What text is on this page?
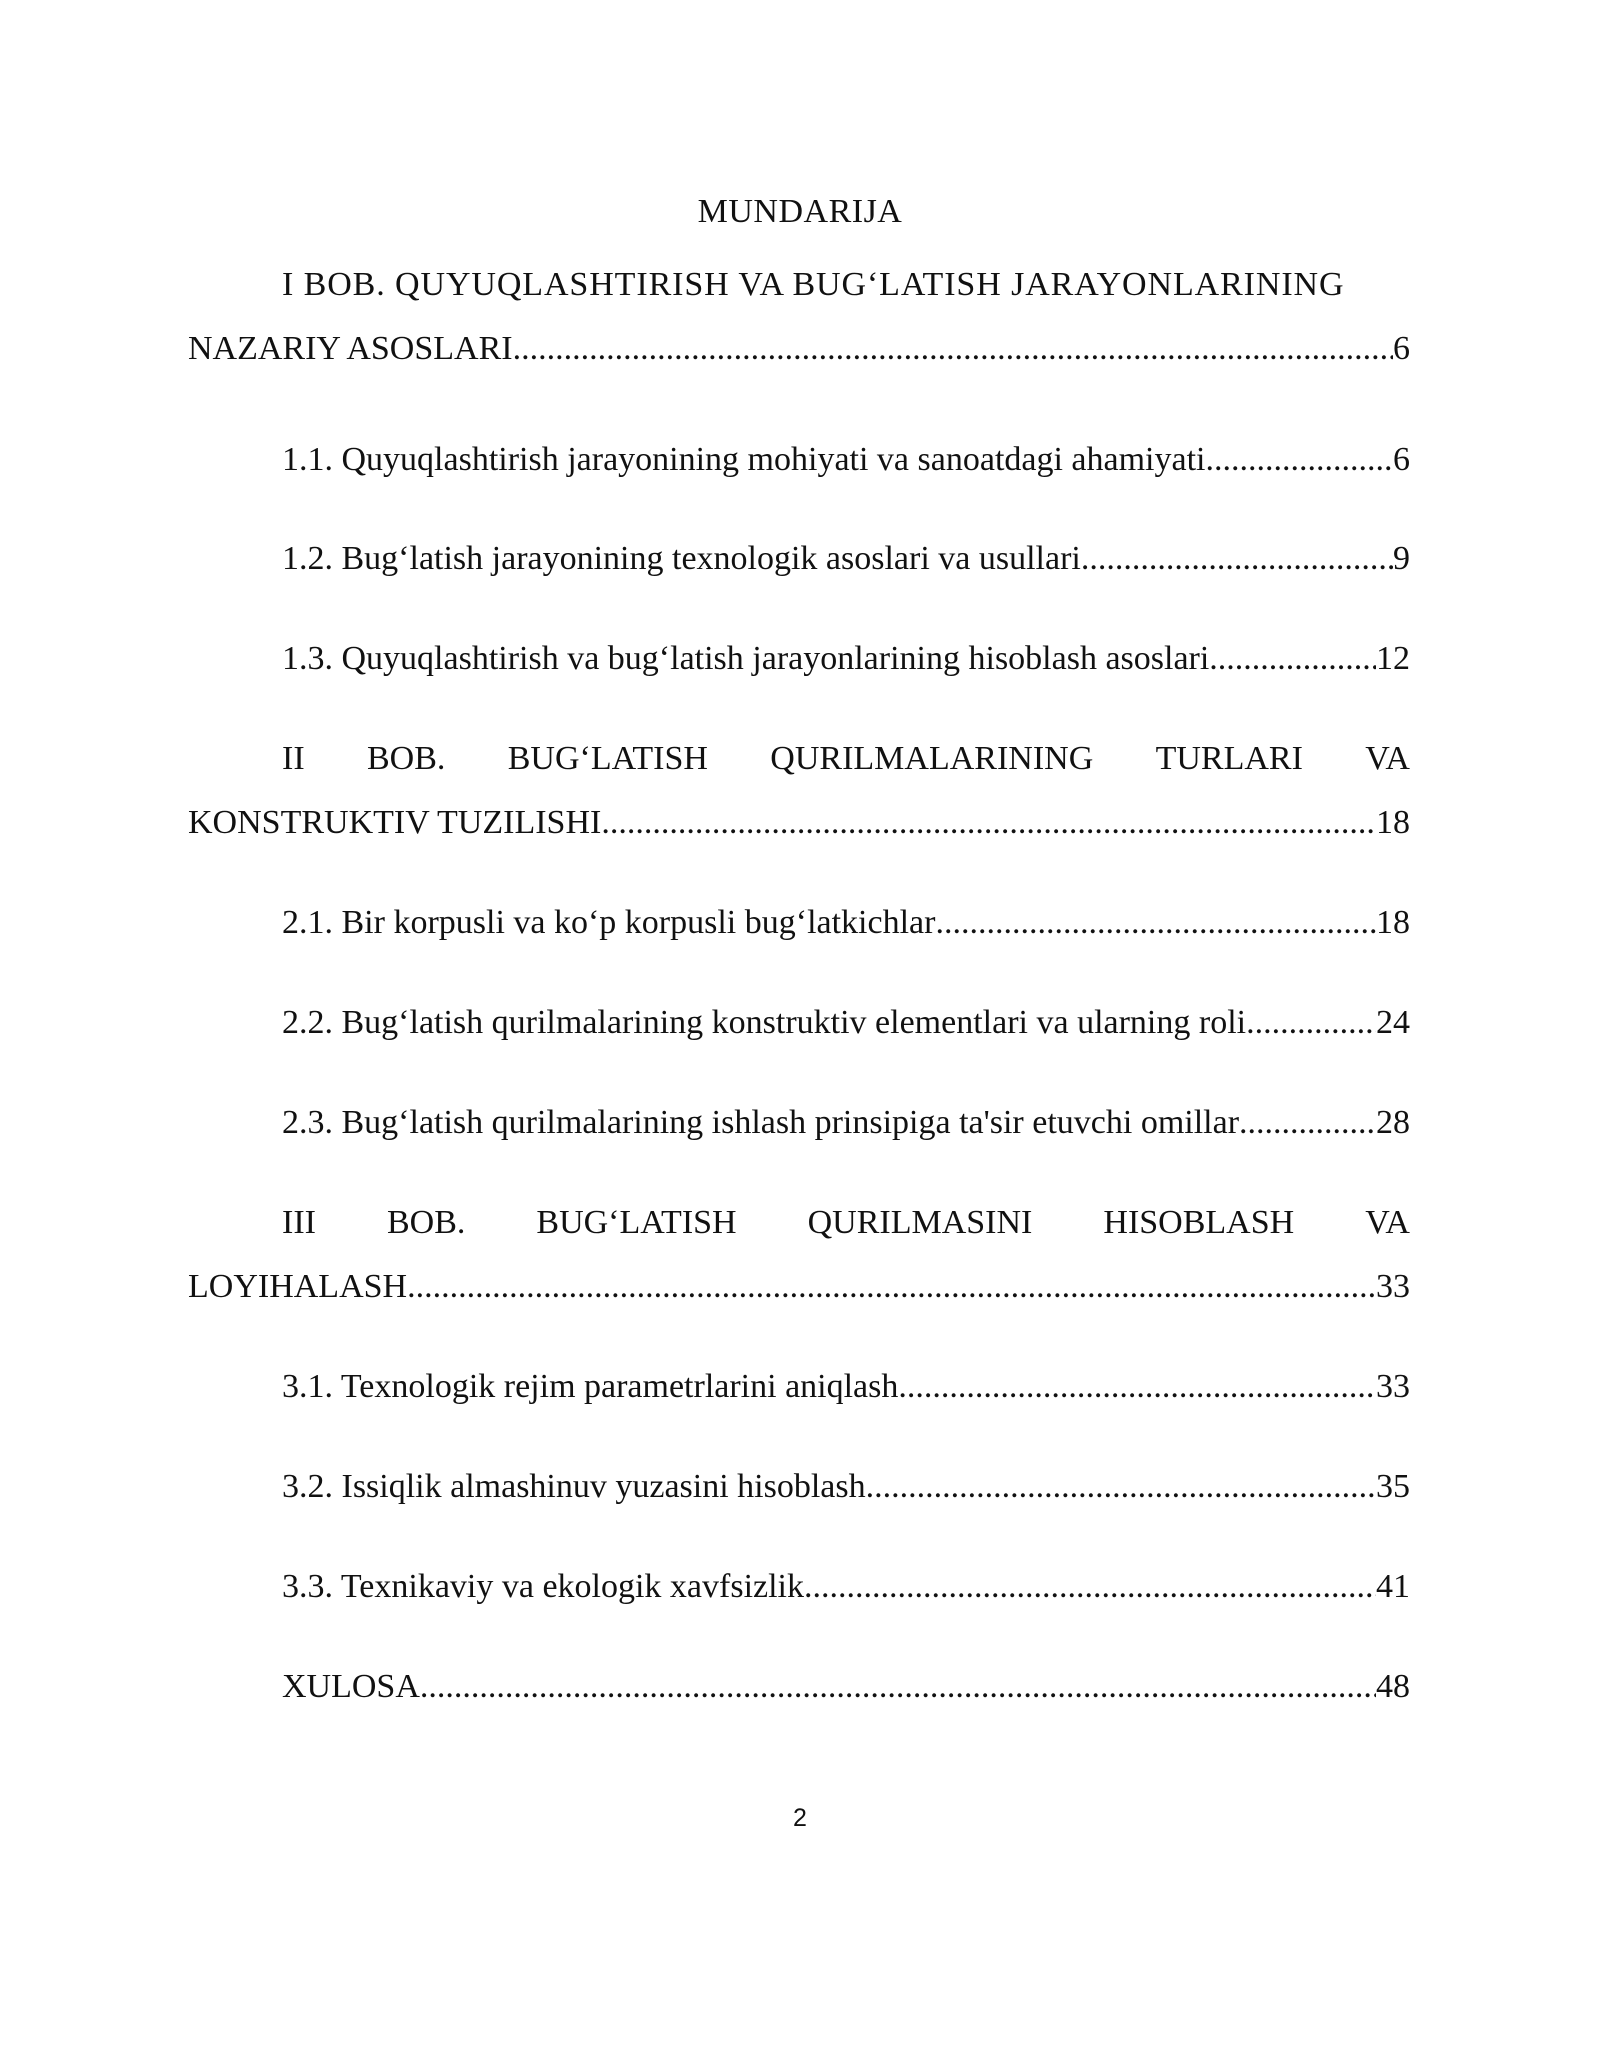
MUNDARIJA
I BOB. QUYUQLASHTIRISH VA BUG‘LATISH JARAYONLARINING
NAZARIY ASOSLARI .....	6
1.1. Quyuqlashtirish jarayonining mohiyati va sanoatdagi ahamiyati .....	6
1.2. Bug‘latish jarayonining texnologik asoslari va usullari .....	9
1.3. Quyuqlashtirish va bug‘latish jarayonlarining hisoblash asoslari .....	12
II BOB. BUG‘LATISH QURILMALARINING TURLARI VA
KONSTRUKTIV TUZILISHI .....	18
2.1. Bir korpusli va ko‘p korpusli bug‘latkichlar .....	18
2.2. Bug‘latish qurilmalarining konstruktiv elementlari va ularning roli .....	24
2.3. Bug‘latish qurilmalarining ishlash prinsipiga ta'sir etuvchi omillar .....	28
III BOB. BUG‘LATISH QURILMASINI HISOBLASH VA
LOYIHALASH .....	33
3.1. Texnologik rejim parametrlarini aniqlash .....	33
3.2. Issiqlik almashinuv yuzasini hisoblash .....	35
3.3. Texnikaviy va ekologik xavfsizlik .....	41
XULOSA .....	48
2
